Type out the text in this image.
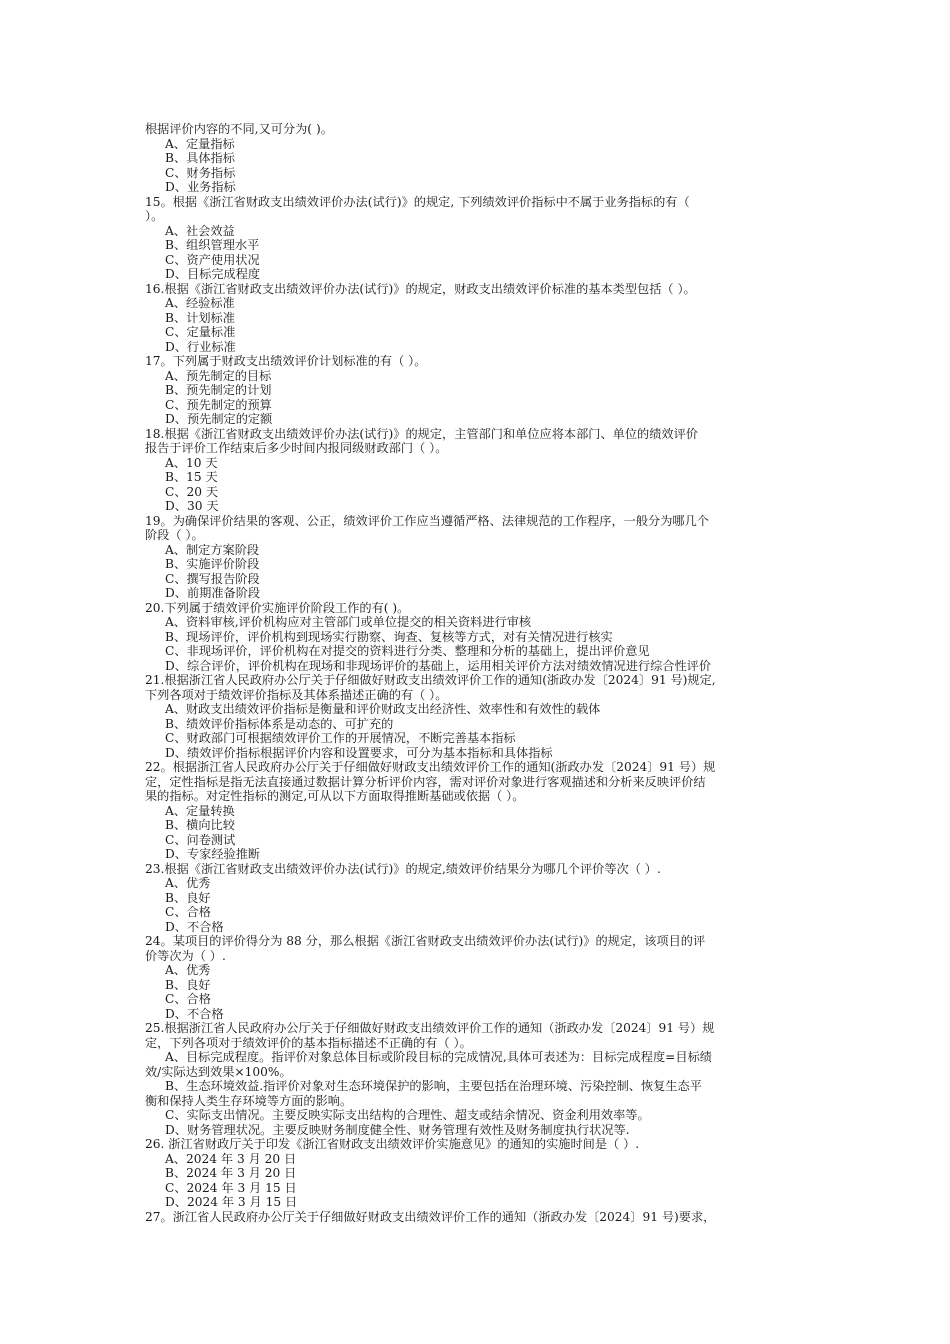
根据评价内容的不同,又可分为( )。
A、定量指标
B、具体指标
C、财务指标
D、业务指标
15。根据《浙江省财政支出绩效评价办法(试行)》的规定, 下列绩效评价指标中不属于业务指标的有（
）。
A、社会效益
B、组织管理水平
C、资产使用状况
D、目标完成程度
16.根据《浙江省财政支出绩效评价办法(试行)》的规定，财政支出绩效评价标准的基本类型包括（ ）。
A、经验标准
B、计划标准
C、定量标准
D、行业标准
17。下列属于财政支出绩效评价计划标准的有（ ）。
A、预先制定的目标
B、预先制定的计划
C、预先制定的预算
D、预先制定的定额
18.根据《浙江省财政支出绩效评价办法(试行)》的规定，主管部门和单位应将本部门、单位的绩效评价
报告于评价工作结束后多少时间内报同级财政部门（ ）。
A、10 天
B、15 天
C、20 天
D、30 天
19。为确保评价结果的客观、公正，绩效评价工作应当遵循严格、法律规范的工作程序，一般分为哪几个
阶段（ ）。
A、制定方案阶段
B、实施评价阶段
C、撰写报告阶段
D、前期准备阶段
20.下列属于绩效评价实施评价阶段工作的有( )。
A、资料审核,评价机构应对主管部门或单位提交的相关资料进行审核
B、现场评价，评价机构到现场实行勘察、询查、复核等方式，对有关情况进行核实
C、非现场评价，评价机构在对提交的资料进行分类、整理和分析的基础上，提出评价意见
D、综合评价，评价机构在现场和非现场评价的基础上，运用相关评价方法对绩效情况进行综合性评价
21.根据浙江省人民政府办公厅关于仔细做好财政支出绩效评价工作的通知(浙政办发〔2024〕91 号)规定,
下列各项对于绩效评价指标及其体系描述正确的有（ ）。
A、财政支出绩效评价指标是衡量和评价财政支出经济性、效率性和有效性的载体
B、绩效评价指标体系是动态的、可扩充的
C、财政部门可根据绩效评价工作的开展情况，不断完善基本指标
D、绩效评价指标根据评价内容和设置要求，可分为基本指标和具体指标
22。根据浙江省人民政府办公厅关于仔细做好财政支出绩效评价工作的通知(浙政办发〔2024〕91 号）规
定，定性指标是指无法直接通过数据计算分析评价内容，需对评价对象进行客观描述和分析来反映评价结
果的指标。对定性指标的测定,可从以下方面取得推断基础或依据（ ）。
A、定量转换
B、横向比较
C、问卷测试
D、专家经验推断
23.根据《浙江省财政支出绩效评价办法(试行)》的规定,绩效评价结果分为哪几个评价等次（ ）.
A、优秀
B、良好
C、合格
D、不合格
24。某项目的评价得分为 88 分，那么根据《浙江省财政支出绩效评价办法(试行)》的规定，该项目的评
价等次为（ ）.
A、优秀
B、良好
C、合格
D、不合格
25.根据浙江省人民政府办公厅关于仔细做好财政支出绩效评价工作的通知（浙政办发〔2024〕91 号）规
定，下列各项对于绩效评价的基本指标描述不正确的有（ ）。
A、目标完成程度。指评价对象总体目标或阶段目标的完成情况,具体可表述为：目标完成程度=目标绩
效/实际达到效果×100%。
B、生态环境效益.指评价对象对生态环境保护的影响，主要包括在治理环境、污染控制、恢复生态平
衡和保持人类生存环境等方面的影响。
C、实际支出情况。主要反映实际支出结构的合理性、超支或结余情况、资金利用效率等。
D、财务管理状况。主要反映财务制度健全性、财务管理有效性及财务制度执行状况等.
26. 浙江省财政厅关于印发《浙江省财政支出绩效评价实施意见》的通知的实施时间是（ ）.
A、2024 年 3 月 20 日
B、2024 年 3 月 20 日
C、2024 年 3 月 15 日
D、2024 年 3 月 15 日
27。浙江省人民政府办公厅关于仔细做好财政支出绩效评价工作的通知（浙政办发〔2024〕91 号)要求，
